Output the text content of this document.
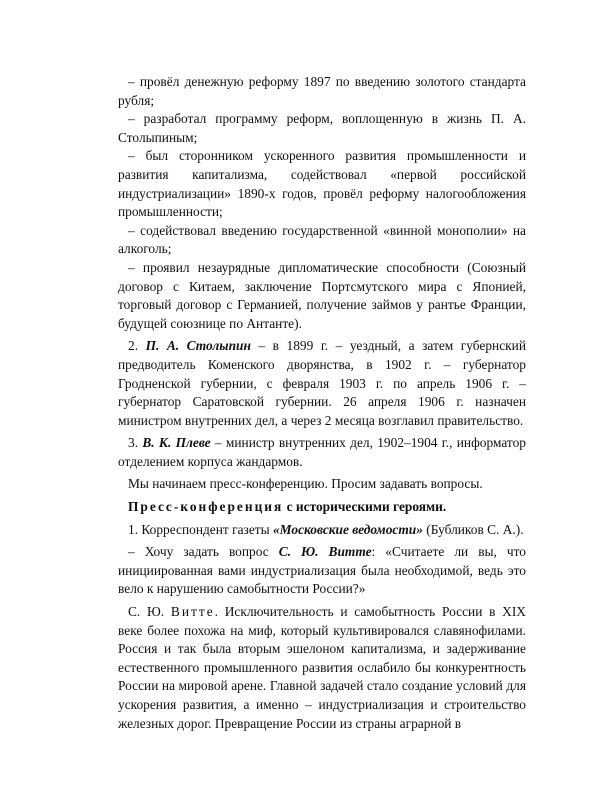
– провёл денежную реформу 1897 по введению золотого стандарта рубля;

– разработал программу реформ, воплощенную в жизнь П. А. Столыпиным;

– был сторонником ускоренного развития промышленности и развития капитализма, содействовал «первой российской индустриализации» 1890-х годов, провёл реформу налогообложения промышленности;

– содействовал введению государственной «винной монополии» на алкоголь;

– проявил незаурядные дипломатические способности (Союзный договор с Китаем, заключение Портсмутского мира с Японией, торговый договор с Германией, получение займов у рантье Франции, будущей союзнице по Антанте).

2. П. А. Столыпин – в 1899 г. – уездный, а затем губернский предводитель Коменского дворянства, в 1902 г. – губернатор Гродненской губернии, с февраля 1903 г. по апрель 1906 г. – губернатор Саратовской губернии. 26 апреля 1906 г. назначен министром внутренних дел, а через 2 месяца возглавил правительство.

3. В. К. Плеве – министр внутренних дел, 1902–1904 г., информатор отделением корпуса жандармов.

Мы начинаем пресс-конференцию. Просим задавать вопросы.

Пресс-конференция с историческими героями.

1. Корреспондент газеты «Московские ведомости» (Бубликов С. А.).

– Хочу задать вопрос С. Ю. Витте: «Считаете ли вы, что инициированная вами индустриализация была необходимой, ведь это вело к нарушению самобытности России?»

С. Ю. Витте. Исключительность и самобытность России в XIX веке более похожа на миф, который культивировался славянофилами. Россия и так была вторым эшелоном капитализма, и задерживание естественного промышленного развития ослабило бы конкурентность России на мировой арене. Главной задачей стало создание условий для ускорения развития, а именно – индустриализация и строительство железных дорог. Превращение России из страны аграрной в
